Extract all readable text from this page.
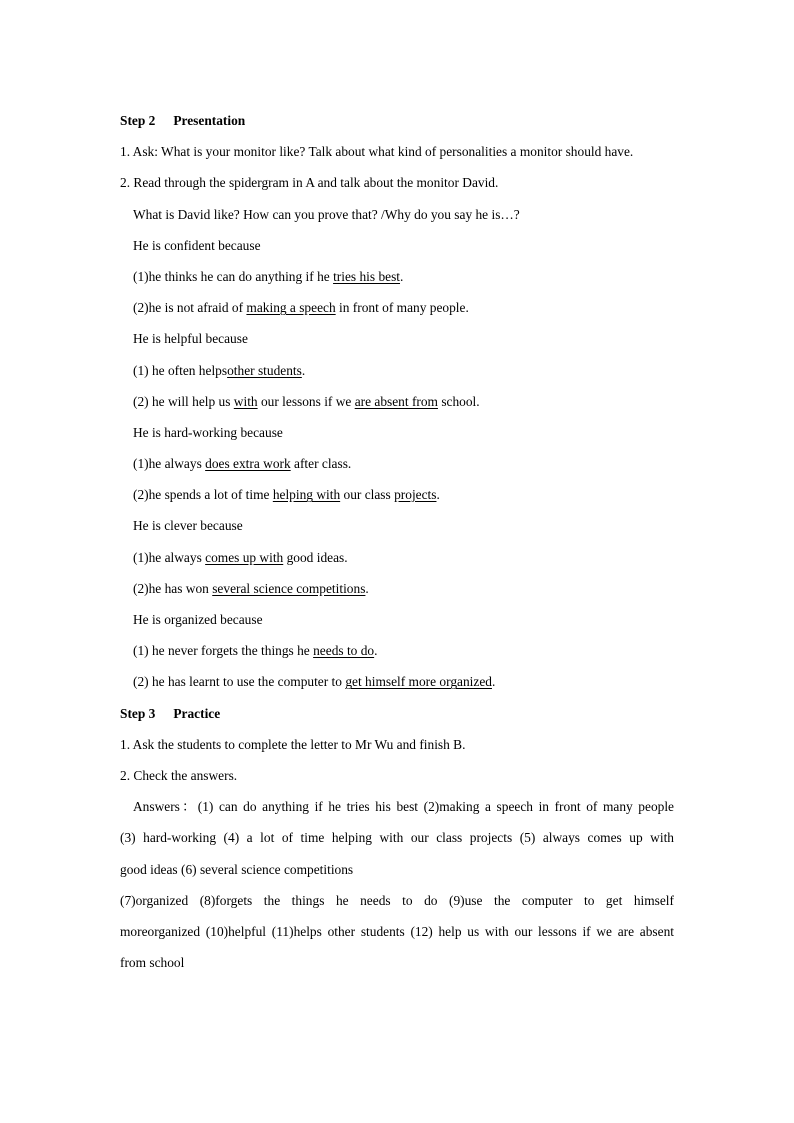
Step 2 Presentation
1. Ask: What is your monitor like? Talk about what kind of personalities a monitor should have.
2. Read through the spidergram in A and talk about the monitor David.
What is David like? How can you prove that? /Why do you say he is…?
He is confident because
(1)he thinks he can do anything if he tries his best.
(2)he is not afraid of making a speech in front of many people.
He is helpful because
(1) he often helpsother students.
(2) he will help us with our lessons if we are absent from school.
He is hard-working because
(1)he always does extra work after class.
(2)he spends a lot of time helping with our class projects.
He is clever because
(1)he always comes up with good ideas.
(2)he has won several science competitions.
He is organized because
(1) he never forgets the things he needs to do.
(2) he has learnt to use the computer to get himself more organized.
Step 3 Practice
1. Ask the students to complete the letter to Mr Wu and finish B.
2. Check the answers.
Answers：(1) can do anything if he tries his best (2)making a speech in front of many people
(3) hard-working (4) a lot of time helping with our class projects (5) always comes up with
good ideas (6) several science competitions
(7)organized (8)forgets the things he needs to do (9)use the computer to get himself
moreorganized (10)helpful (11)helps other students (12) help us with our lessons if we are absent
from school
